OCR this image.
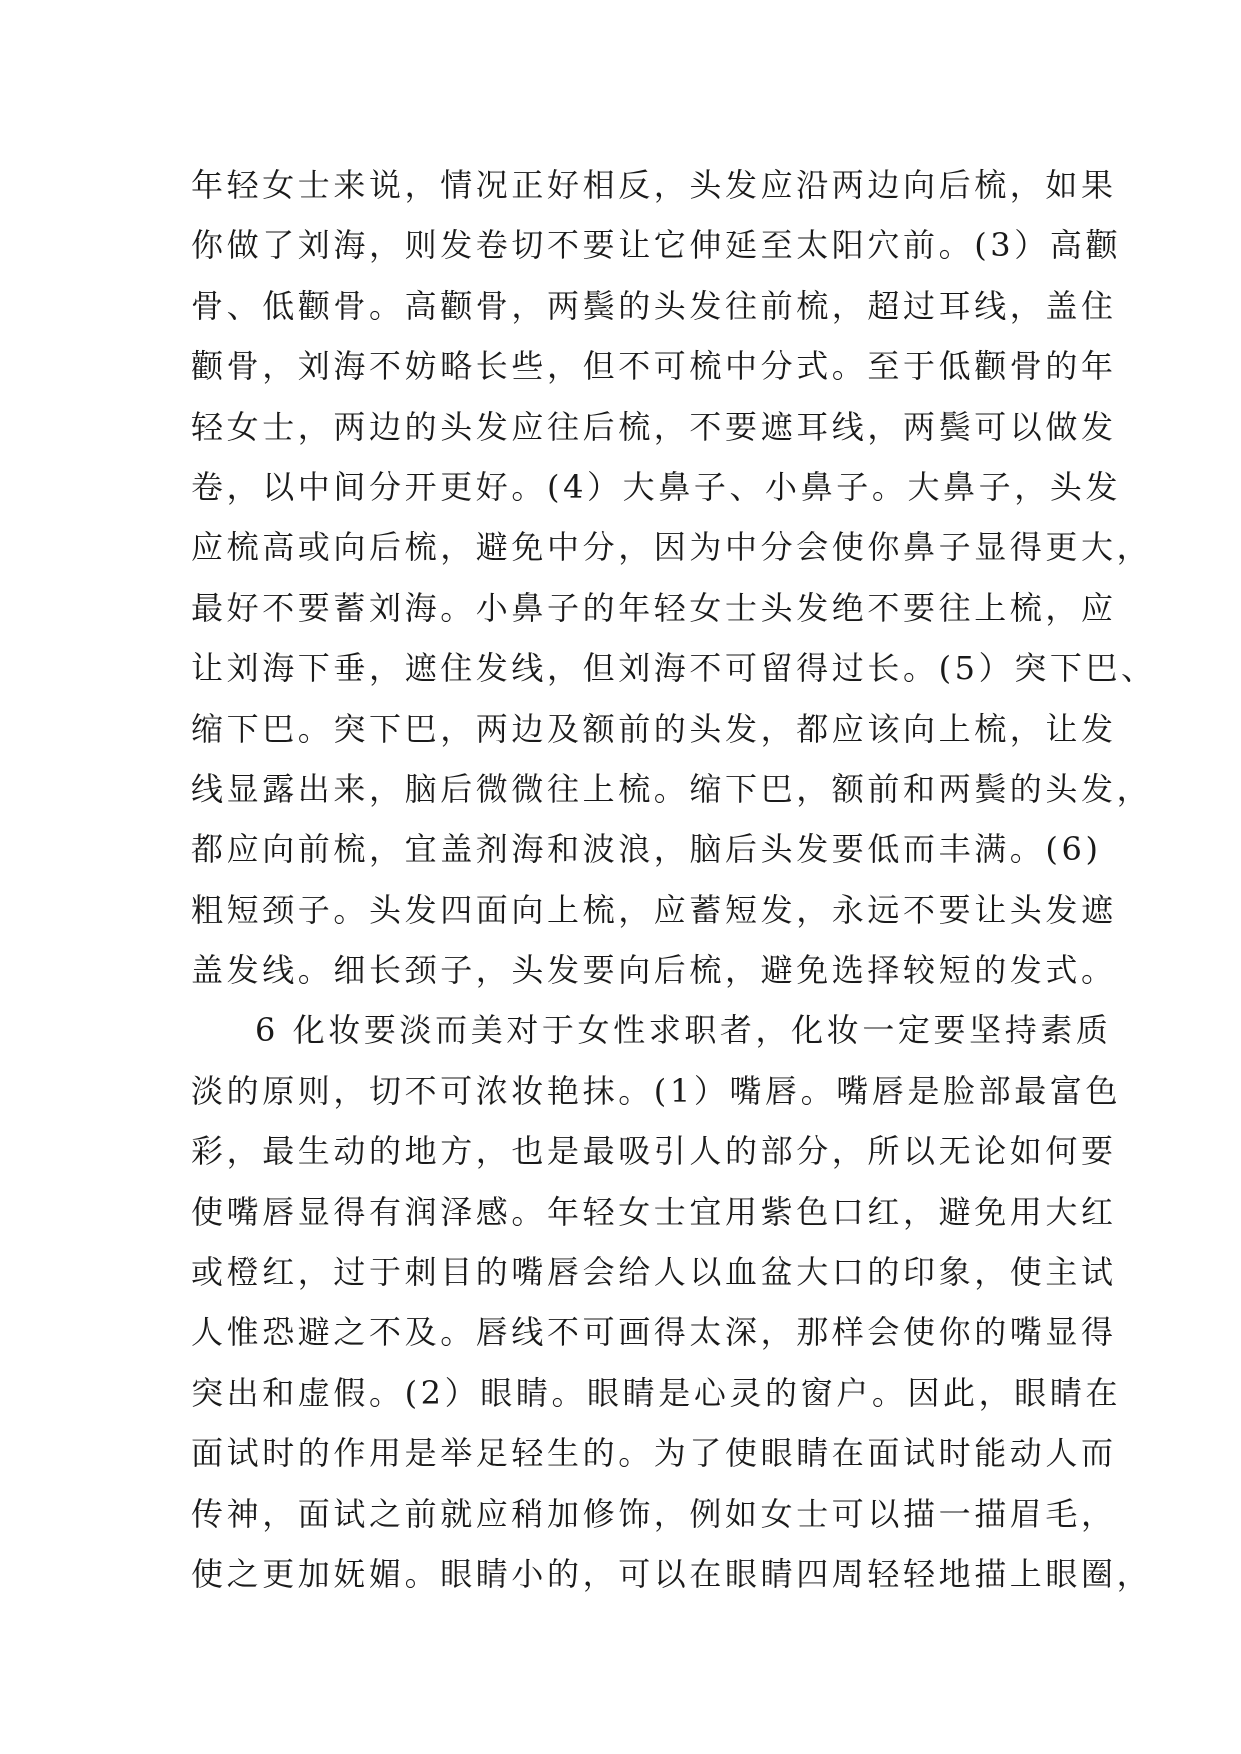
年轻女士来说，情况正好相反，头发应沿两边向后梳，如果
你做了刘海，则发卷切不要让它伸延至太阳穴前。(3）高颧
骨、低颧骨。高颧骨，两鬓的头发往前梳，超过耳线，盖住
颧骨，刘海不妨略长些，但不可梳中分式。至于低颧骨的年
轻女士，两边的头发应往后梳，不要遮耳线，两鬓可以做发
卷，以中间分开更好。(4）大鼻子、小鼻子。大鼻子，头发
应梳高或向后梳，避免中分，因为中分会使你鼻子显得更大，
最好不要蓄刘海。小鼻子的年轻女士头发绝不要往上梳，应
让刘海下垂，遮住发线，但刘海不可留得过长。(5）突下巴、
缩下巴。突下巴，两边及额前的头发，都应该向上梳，让发
线显露出来，脑后微微往上梳。缩下巴，额前和两鬓的头发，
都应向前梳，宜盖剂海和波浪，脑后头发要低而丰满。(6)
粗短颈子。头发四面向上梳，应蓄短发，永远不要让头发遮
盖发线。细长颈子，头发要向后梳，避免选择较短的发式。
6 化妆要淡而美对于女性求职者，化妆一定要坚持素质
淡的原则，切不可浓妆艳抹。(1）嘴唇。嘴唇是脸部最富色
彩，最生动的地方，也是最吸引人的部分，所以无论如何要
使嘴唇显得有润泽感。年轻女士宜用紫色口红，避免用大红
或橙红，过于刺目的嘴唇会给人以血盆大口的印象，使主试
人惟恐避之不及。唇线不可画得太深，那样会使你的嘴显得
突出和虚假。(2）眼睛。眼睛是心灵的窗户。因此，眼睛在
面试时的作用是举足轻生的。为了使眼睛在面试时能动人而
传神，面试之前就应稍加修饰，例如女士可以描一描眉毛，
使之更加妩媚。眼睛小的，可以在眼睛四周轻轻地描上眼圈，
